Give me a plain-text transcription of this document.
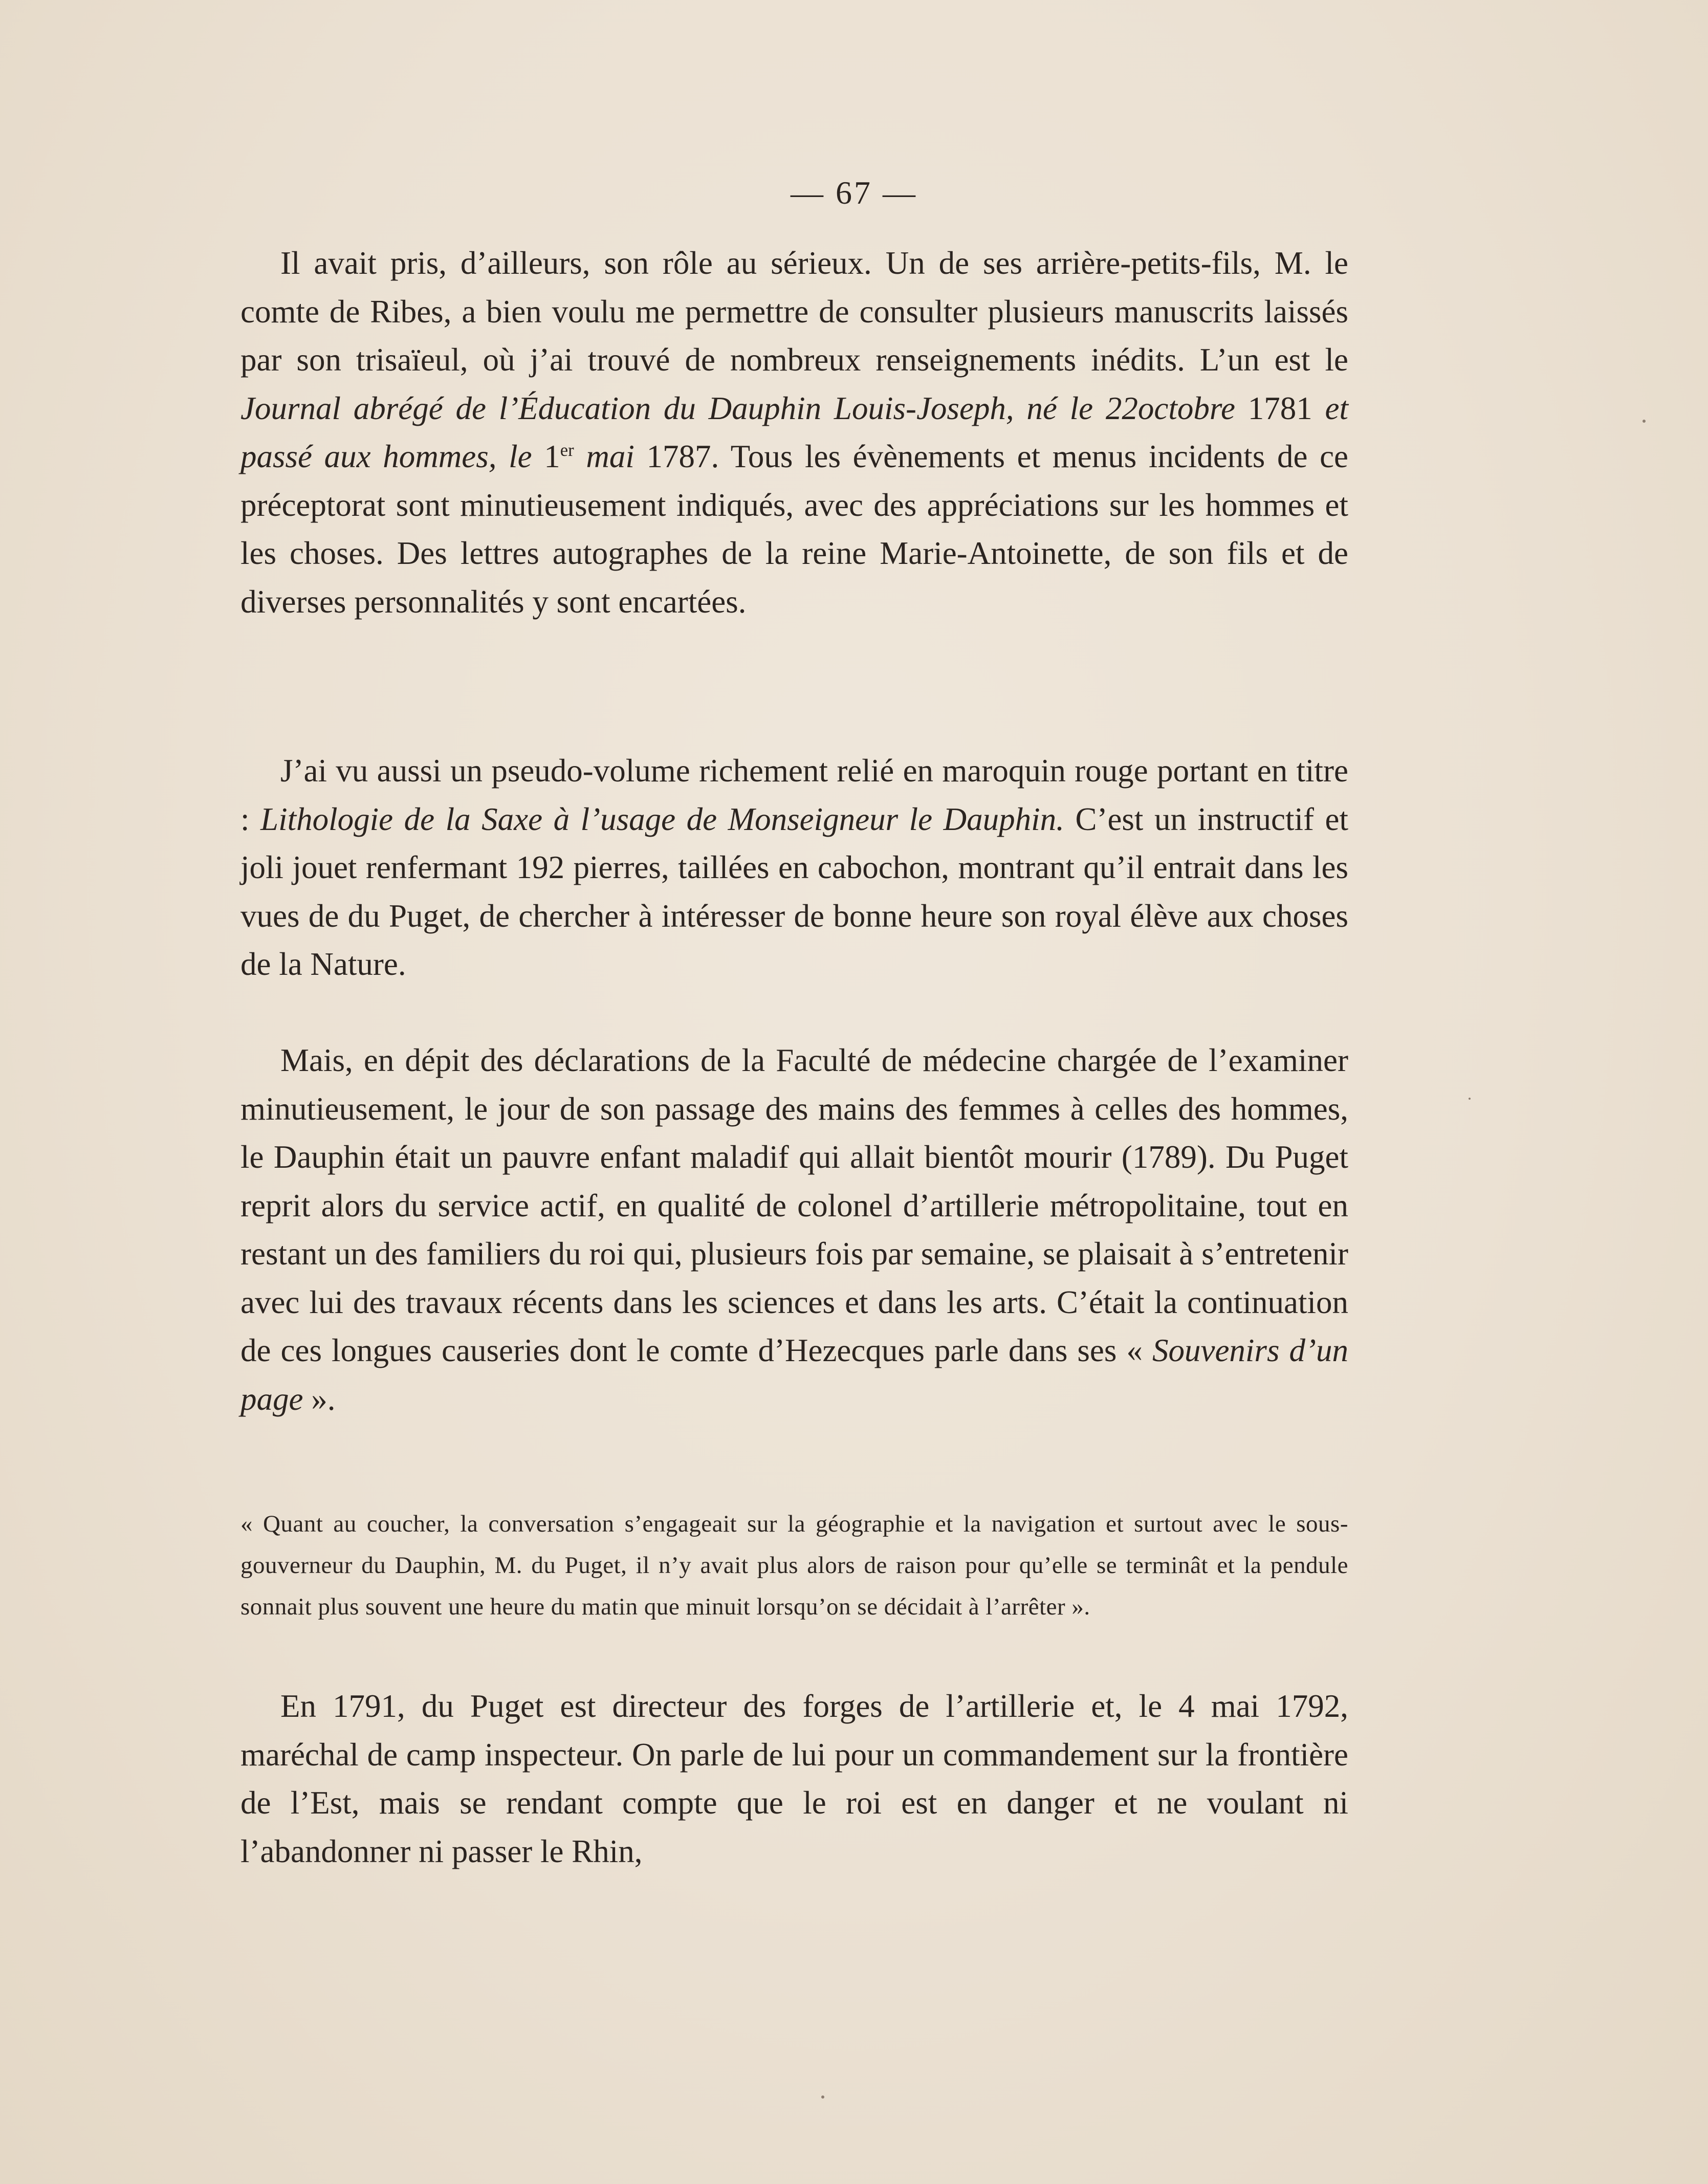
— 67 —

Il avait pris, d’ailleurs, son rôle au sérieux. Un de ses arrière-petits-fils, M. le comte de Ribes, a bien voulu me permettre de consulter plusieurs manuscrits laissés par son trisaïeul, où j’ai trouvé de nombreux renseignements inédits. L’un est le Journal abrégé de l’Éducation du Dauphin Louis-Joseph, né le 22octobre 1781 et passé aux hommes, le 1er mai 1787. Tous les évènements et menus incidents de ce préceptorat sont minutieusement indiqués, avec des appréciations sur les hommes et les choses. Des lettres autographes de la reine Marie-Antoinette, de son fils et de diverses personnalités y sont encartées.

J’ai vu aussi un pseudo-volume richement relié en maroquin rouge portant en titre : Lithologie de la Saxe à l’usage de Monseigneur le Dauphin. C’est un instructif et joli jouet renfermant 192 pierres, taillées en cabochon, montrant qu’il entrait dans les vues de du Puget, de chercher à intéresser de bonne heure son royal élève aux choses de la Nature.

Mais, en dépit des déclarations de la Faculté de médecine chargée de l’examiner minutieusement, le jour de son passage des mains des femmes à celles des hommes, le Dauphin était un pauvre enfant maladif qui allait bientôt mourir (1789). Du Puget reprit alors du service actif, en qualité de colonel d’artillerie métropolitaine, tout en restant un des familiers du roi qui, plusieurs fois par semaine, se plaisait à s’entretenir avec lui des travaux récents dans les sciences et dans les arts. C’était la continuation de ces longues causeries dont le comte d’Hezecques parle dans ses « Souvenirs d’un page ».

« Quant au coucher, la conversation s’engageait sur la géographie et la navigation et surtout avec le sous-gouverneur du Dauphin, M. du Puget, il n’y avait plus alors de raison pour qu’elle se terminât et la pendule sonnait plus souvent une heure du matin que minuit lorsqu’on se décidait à l’arrêter ».

En 1791, du Puget est directeur des forges de l’artillerie et, le 4 mai 1792, maréchal de camp inspecteur. On parle de lui pour un commandement sur la frontière de l’Est, mais se rendant compte que le roi est en danger et ne voulant ni l’abandonner ni passer le Rhin,
